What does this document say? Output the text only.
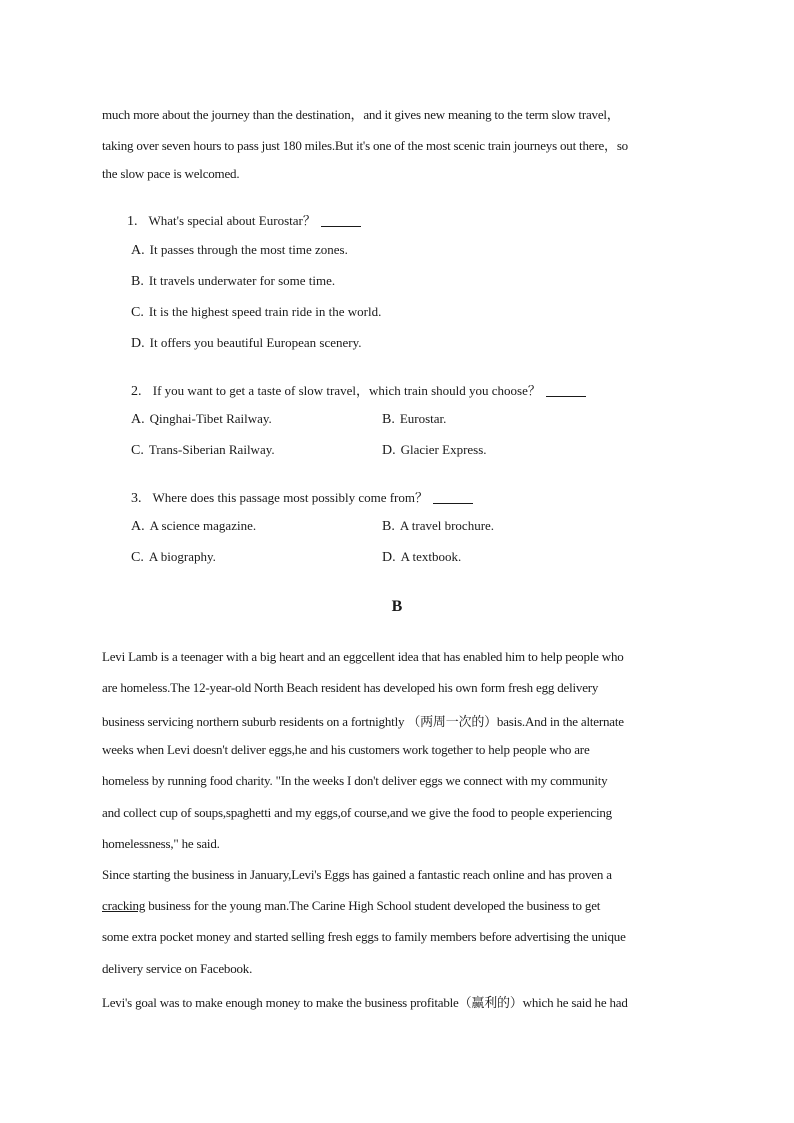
much more about the journey than the destination，and it gives new meaning to the term slow travel，
taking over seven hours to pass just 180 miles.But it's one of the most scenic train journeys out there，so
the slow pace is welcomed.
1. What's special about Eurostar？
A. It passes through the most time zones.
B. It travels underwater for some time.
C. It is the highest speed train ride in the world.
D. It offers you beautiful European scenery.
2. If you want to get a taste of slow travel，which train should you choose？
A. Qinghai-Tibet Railway.	B. Eurostar.
C. Trans-Siberian Railway.	D. Glacier Express.
3. Where does this passage most possibly come from？
A. A science magazine.	B. A travel brochure.
C. A biography.	D. A textbook.
B
Levi Lamb is a teenager with a big heart and an eggcellent idea that has enabled him to help people who
are homeless.The 12-year-old North Beach resident has developed his own form fresh egg delivery
business servicing northern suburb residents on a fortnightly （两周一次的）basis.And in the alternate
weeks when Levi doesn't deliver eggs,he and his customers work together to help people who are
homeless by running food charity. "In the weeks I don't deliver eggs we connect with my community
and collect cup of soups,spaghetti and my eggs,of course,and we give the food to people experiencing
homelessness," he said.
Since starting the business in January,Levi's Eggs has gained a fantastic reach online and has proven a
cracking business for the young man.The Carine High School student developed the business to get
some extra pocket money and started selling fresh eggs to family members before advertising the unique
delivery service on Facebook.
Levi's goal was to make enough money to make the business profitable（赢利的）which he said he had
